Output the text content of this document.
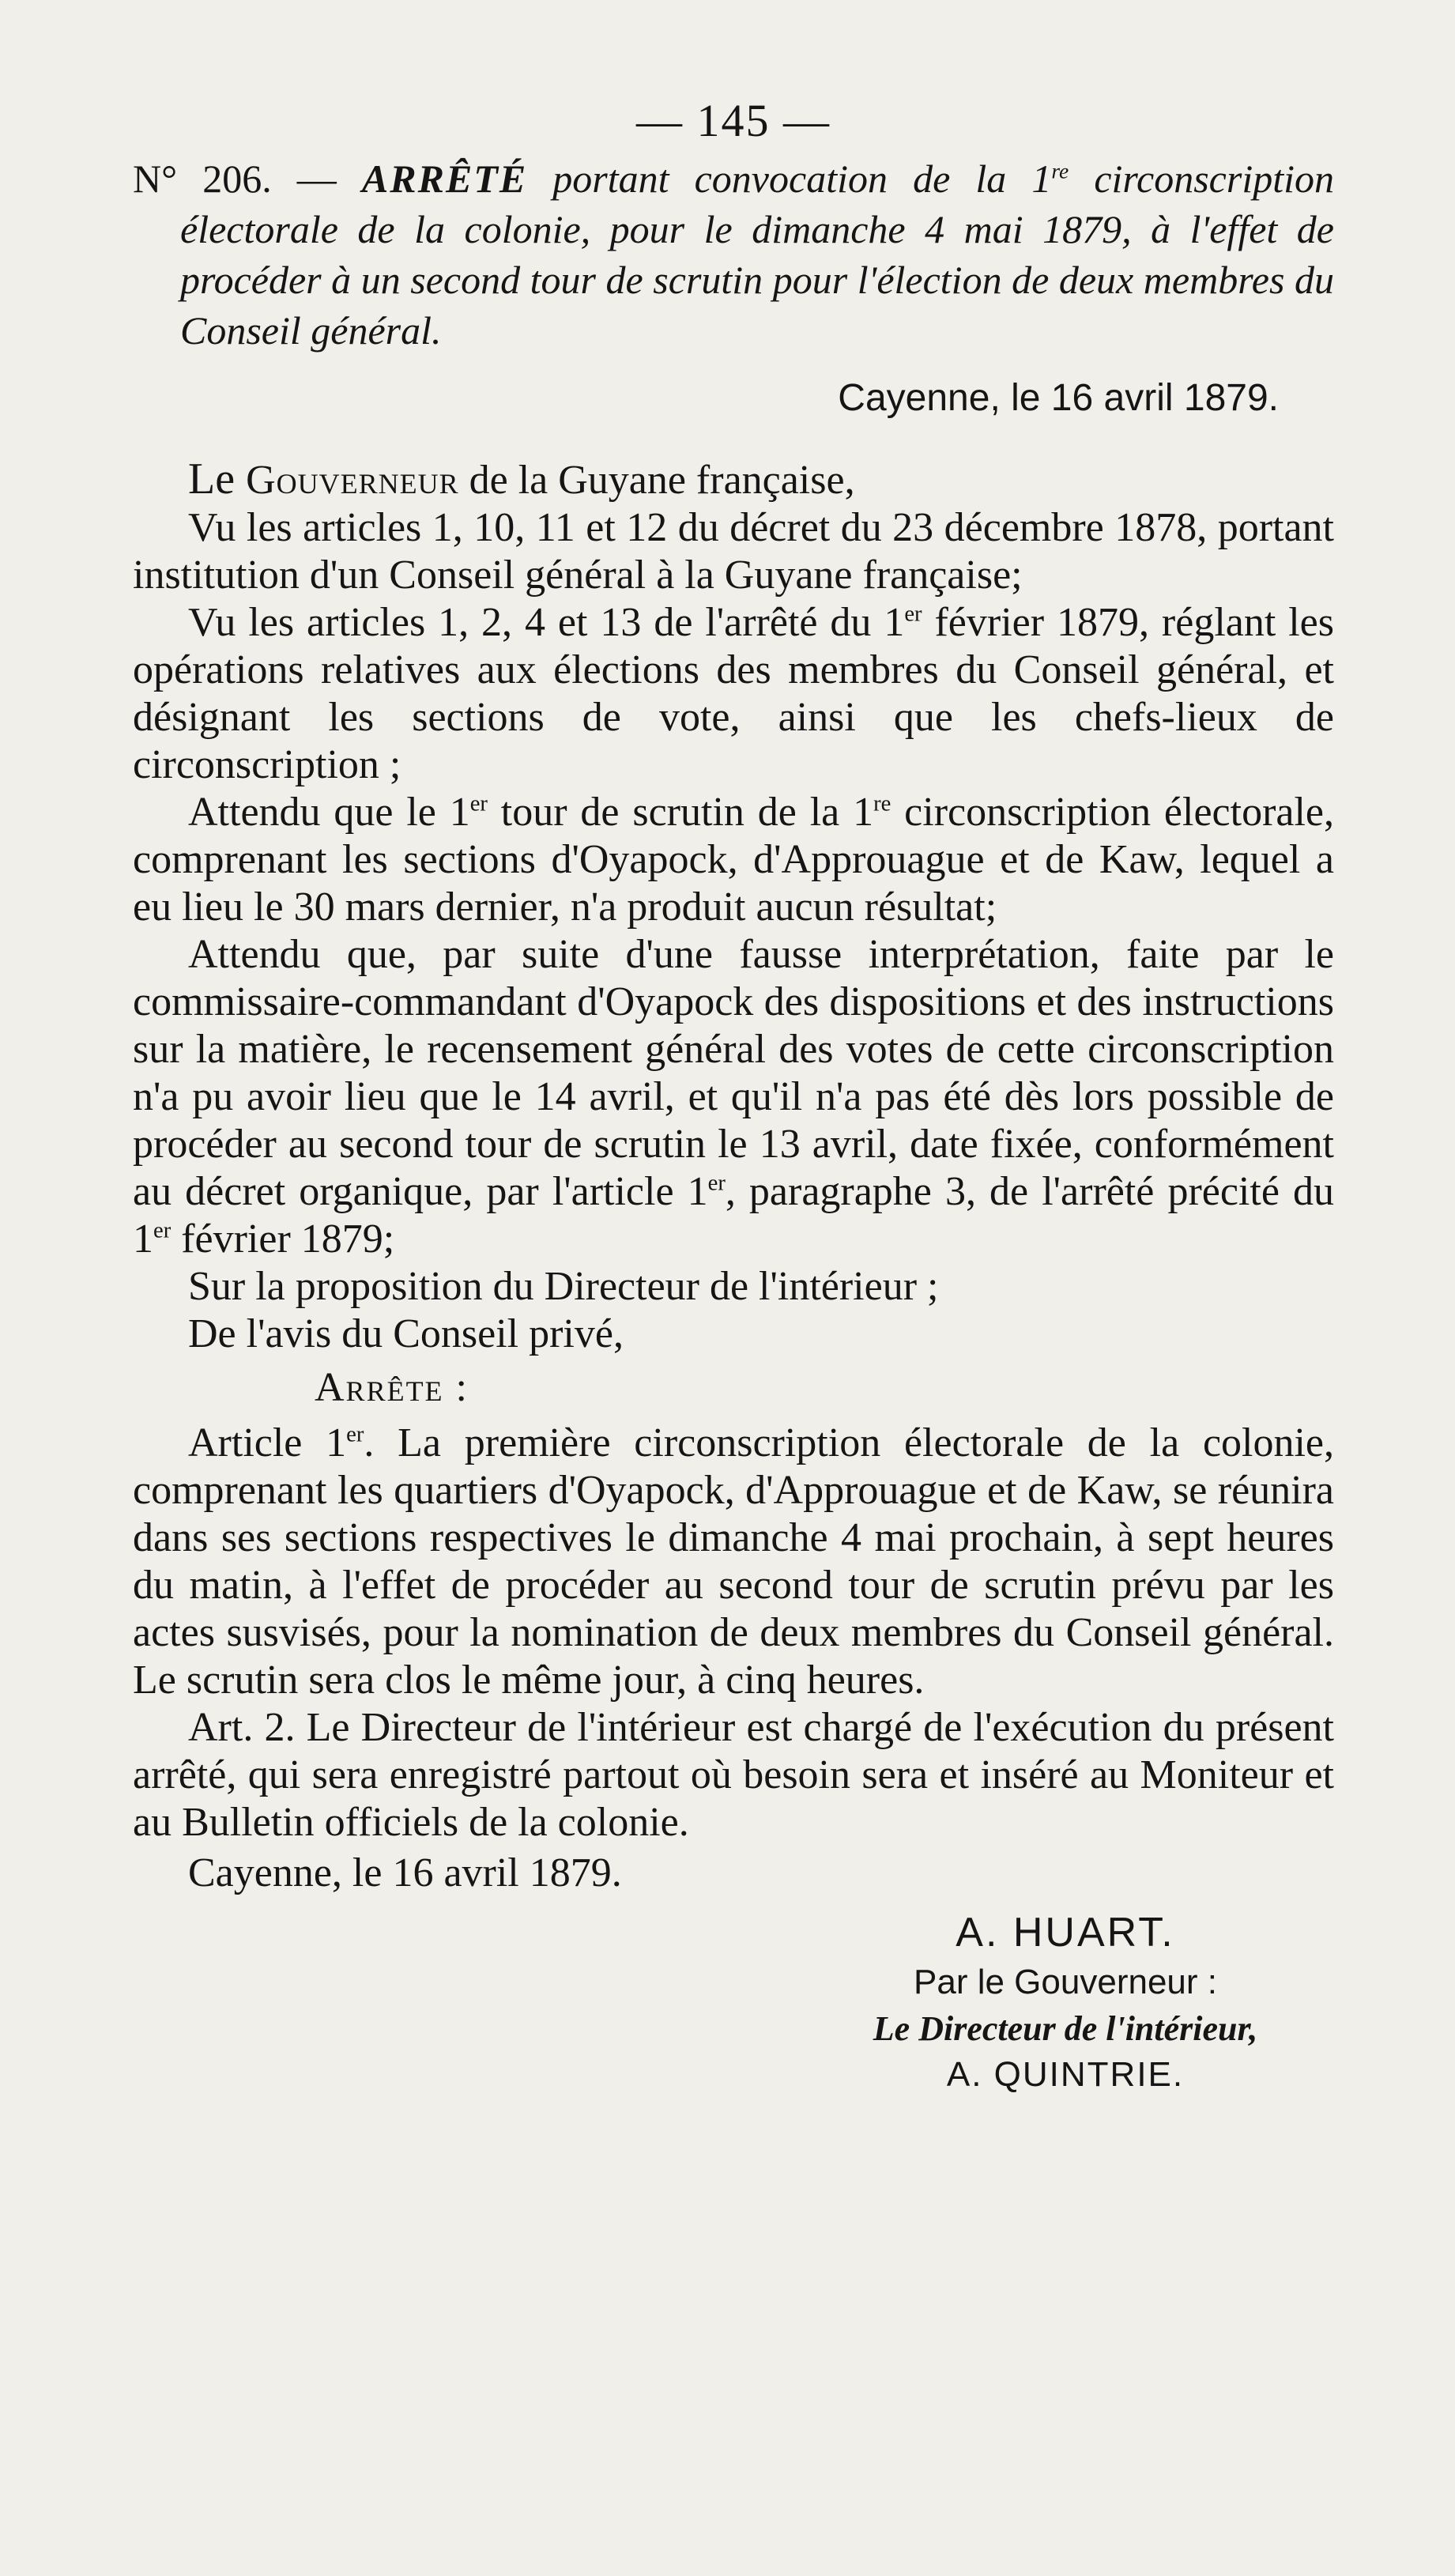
— 145 —

N° 206. — ARRÊTÉ portant convocation de la 1re circonscription électorale de la colonie, pour le dimanche 4 mai 1879, à l'effet de procéder à un second tour de scrutin pour l'élection de deux membres du Conseil général.

Cayenne, le 16 avril 1879.

Le Gouverneur de la Guyane française,

Vu les articles 1, 10, 11 et 12 du décret du 23 décembre 1878, portant institution d'un Conseil général à la Guyane française;

Vu les articles 1, 2, 4 et 13 de l'arrêté du 1er février 1879, réglant les opérations relatives aux élections des membres du Conseil général, et désignant les sections de vote, ainsi que les chefs-lieux de circonscription ;

Attendu que le 1er tour de scrutin de la 1re circonscription électorale, comprenant les sections d'Oyapock, d'Approuague et de Kaw, lequel a eu lieu le 30 mars dernier, n'a produit aucun résultat;

Attendu que, par suite d'une fausse interprétation, faite par le commissaire-commandant d'Oyapock des dispositions et des instructions sur la matière, le recensement général des votes de cette circonscription n'a pu avoir lieu que le 14 avril, et qu'il n'a pas été dès lors possible de procéder au second tour de scrutin le 13 avril, date fixée, conformément au décret organique, par l'article 1er, paragraphe 3, de l'arrêté précité du 1er février 1879;

Sur la proposition du Directeur de l'intérieur ;

De l'avis du Conseil privé,

Arrête :

Article 1er. La première circonscription électorale de la colonie, comprenant les quartiers d'Oyapock, d'Approuague et de Kaw, se réunira dans ses sections respectives le dimanche 4 mai prochain, à sept heures du matin, à l'effet de procéder au second tour de scrutin prévu par les actes susvisés, pour la nomination de deux membres du Conseil général. Le scrutin sera clos le même jour, à cinq heures.

Art. 2. Le Directeur de l'intérieur est chargé de l'exécution du présent arrêté, qui sera enregistré partout où besoin sera et inséré au Moniteur et au Bulletin officiels de la colonie.

Cayenne, le 16 avril 1879.

A. HUART.
Par le Gouverneur :
Le Directeur de l'intérieur,
A. QUINTRIE.
